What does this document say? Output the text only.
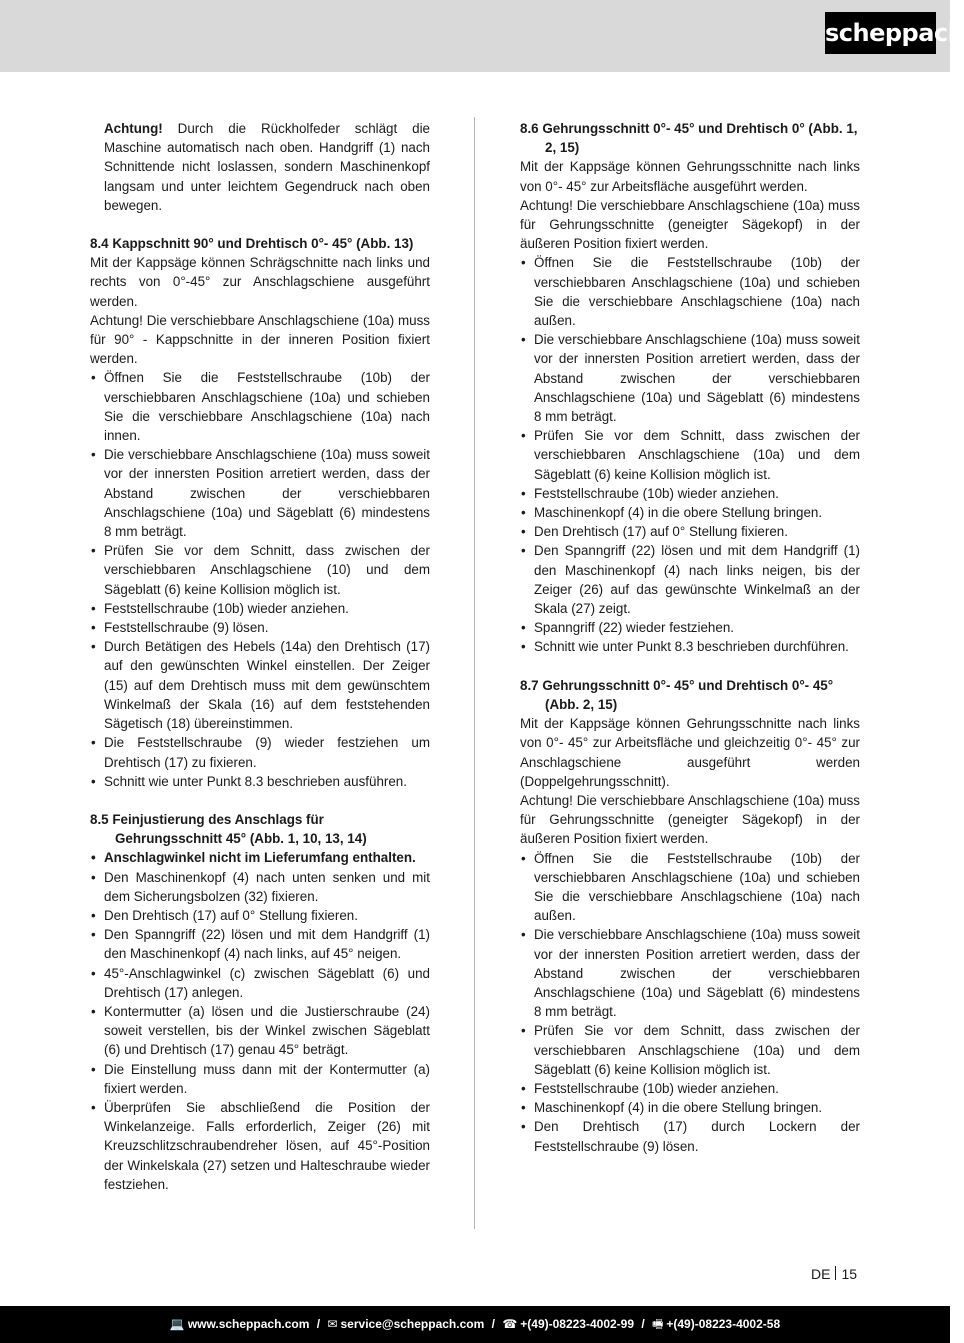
scheppach

Achtung! Durch die Rückholfeder schlägt die Maschine automatisch nach oben. Handgriff (1) nach Schnittende nicht loslassen, sondern Maschinenkopf langsam und unter leichtem Gegendruck nach oben bewegen.

8.4 Kappschnitt 90° und Drehtisch 0°- 45° (Abb. 13)

Mit der Kappsäge können Schrägschnitte nach links und rechts von 0°-45° zur Anschlagschiene ausgeführt werden.

Achtung! Die verschiebbare Anschlagschiene (10a) muss für 90° - Kappschnitte in der inneren Position fixiert werden.

• Öffnen Sie die Feststellschraube (10b) der verschiebbaren Anschlagschiene (10a) und schieben Sie die verschiebbare Anschlagschiene (10a) nach innen.
• Die verschiebbare Anschlagschiene (10a) muss soweit vor der innersten Position arretiert werden, dass der Abstand zwischen der verschiebbaren Anschlagschiene (10a) und Sägeblatt (6) mindestens 8 mm beträgt.
• Prüfen Sie vor dem Schnitt, dass zwischen der verschiebbaren Anschlagschiene (10) und dem Sägeblatt (6) keine Kollision möglich ist.
• Feststellschraube (10b) wieder anziehen.
• Feststellschraube (9) lösen.
• Durch Betätigen des Hebels (14a) den Drehtisch (17) auf den gewünschten Winkel einstellen. Der Zeiger (15) auf dem Drehtisch muss mit dem gewünschtem Winkelmaß der Skala (16) auf dem feststehenden Sägetisch (18) übereinstimmen.
• Die Feststellschraube (9) wieder festziehen um Drehtisch (17) zu fixieren.
• Schnitt wie unter Punkt 8.3 beschrieben ausführen.
8.5 Feinjustierung des Anschlags für Gehrungsschnitt 45° (Abb. 1, 10, 13, 14)
• Anschlagwinkel nicht im Lieferumfang enthalten.
• Den Maschinenkopf (4) nach unten senken und mit dem Sicherungsbolzen (32) fixieren.
• Den Drehtisch (17) auf 0° Stellung fixieren.
• Den Spanngriff (22) lösen und mit dem Handgriff (1) den Maschinenkopf (4) nach links, auf 45° neigen.
• 45°-Anschlagwinkel (c) zwischen Sägeblatt (6) und Drehtisch (17) anlegen.
• Kontermutter (a) lösen und die Justierschraube (24) soweit verstellen, bis der Winkel zwischen Sägeblatt (6) und Drehtisch (17) genau 45° beträgt.
• Die Einstellung muss dann mit der Kontermutter (a) fixiert werden.
• Überprüfen Sie abschließend die Position der Winkelanzeige. Falls erforderlich, Zeiger (26) mit Kreuzschlitzschraubendreher lösen, auf 45°-Position der Winkelskala (27) setzen und Halteschraube wieder festziehen.
8.6 Gehrungsschnitt 0°- 45° und Drehtisch 0° (Abb. 1, 2, 15)

Mit der Kappsäge können Gehrungsschnitte nach links von 0°- 45° zur Arbeitsfläche ausgeführt werden.

Achtung! Die verschiebbare Anschlagschiene (10a) muss für Gehrungsschnitte (geneigter Sägekopf) in der äußeren Position fixiert werden.

• Öffnen Sie die Feststellschraube (10b) der verschiebbaren Anschlagschiene (10a) und schieben Sie die verschiebbare Anschlagschiene (10a) nach außen.
• Die verschiebbare Anschlagschiene (10a) muss soweit vor der innersten Position arretiert werden, dass der Abstand zwischen der verschiebbaren Anschlagschiene (10a) und Sägeblatt (6) mindestens 8 mm beträgt.
• Prüfen Sie vor dem Schnitt, dass zwischen der verschiebbaren Anschlagschiene (10a) und dem Sägeblatt (6) keine Kollision möglich ist.
• Feststellschraube (10b) wieder anziehen.
• Maschinenkopf (4) in die obere Stellung bringen.
• Den Drehtisch (17) auf 0° Stellung fixieren.
• Den Spanngriff (22) lösen und mit dem Handgriff (1) den Maschinenkopf (4) nach links neigen, bis der Zeiger (26) auf das gewünschte Winkelmaß an der Skala (27) zeigt.
• Spanngriff (22) wieder festziehen.
• Schnitt wie unter Punkt 8.3 beschrieben durchführen.
8.7 Gehrungsschnitt 0°- 45° und Drehtisch 0°- 45° (Abb. 2, 15)

Mit der Kappsäge können Gehrungsschnitte nach links von 0°- 45° zur Arbeitsfläche und gleichzeitig 0°- 45° zur Anschlagschiene ausgeführt werden (Doppelgehrungsschnitt).

Achtung! Die verschiebbare Anschlagschiene (10a) muss für Gehrungsschnitte (geneigter Sägekopf) in der äußeren Position fixiert werden.

• Öffnen Sie die Feststellschraube (10b) der verschiebbaren Anschlagschiene (10a) und schieben Sie die verschiebbare Anschlagschiene (10a) nach außen.
• Die verschiebbare Anschlagschiene (10a) muss soweit vor der innersten Position arretiert werden, dass der Abstand zwischen der verschiebbaren Anschlagschiene (10a) und Sägeblatt (6) mindestens 8 mm beträgt.
• Prüfen Sie vor dem Schnitt, dass zwischen der verschiebbaren Anschlagschiene (10a) und dem Sägeblatt (6) keine Kollision möglich ist.
• Feststellschraube (10b) wieder anziehen.
• Maschinenkopf (4) in die obere Stellung bringen.
• Den Drehtisch (17) durch Lockern der Feststellschraube (9) lösen.
DE 15
💻 www.scheppach.com / ✉ service@scheppach.com / ☎ +(49)-08223-4002-99 / 🖷 +(49)-08223-4002-58
